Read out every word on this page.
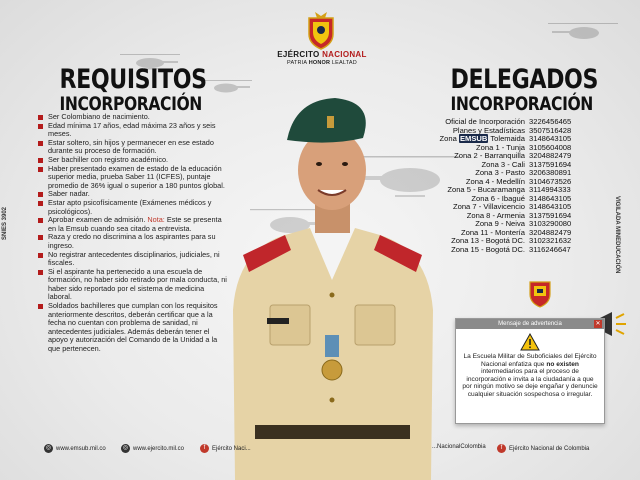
EJÉRCITO NACIONAL
PATRIA HONOR LEALTAD
REQUISITOS
INCORPORACIÓN
Ser Colombiano de nacimiento.
Edad mínima 17 años, edad máxima 23 años y seis meses.
Estar soltero, sin hijos y permanecer en ese estado durante su proceso de formación.
Ser bachiller con registro académico.
Haber presentado examen de estado de la educación superior media, prueba Saber 11 (ICFES), puntaje promedio de 36% igual o superior a 180 puntos global.
Saber nadar.
Estar apto psicofísicamente (Exámenes médicos y psicológicos).
Aprobar examen de admisión. Nota: Este se presenta en la Emsub cuando sea citado a entrevista.
Raza y credo no discrimina a los aspirantes para su ingreso.
No registrar antecedentes disciplinarios, judiciales, ni fiscales.
Si el aspirante ha pertenecido a una escuela de formación, no haber sido retirado por mala conducta, ni haber sido reportado por el sistema de medicina laboral.
Soldados bachilleres que cumplan con los requisitos anteriormente descritos, deberán certificar que a la fecha no cuentan con problema de sanidad, ni antecedentes judiciales. Además deberán tener el apoyo y autorización del Comando de la Unidad a la que pertenecen.
SNIES 3902	VIGILADA MINEDUCACIÓN
DELEGADOS
INCORPORACIÓN
Oficial de Incorporación 3226456465
Planes y Estadísticas 3507516428
Zona EMSUB Tolemaida 3148643105
Zona 1 - Tunja 3105604008
Zona 2 - Barranquilla 3204882479
Zona 3 - Cali 3137591694
Zona 3 - Pasto 3206380891
Zona 4 - Medellín 3104673526
Zona 5 - Bucaramanga 3114994333
Zona 6 - Ibagué 3148643105
Zona 7 - Villavicencio 3148643105
Zona 8 - Armenia 3137591694
Zona 9 - Neiva 3103290080
Zona 11 - Montería 3204882479
Zona 13 - Bogotá DC. 3102321632
Zona 15 - Bogotá DC. 3116246647
Mensaje de advertencia	✕
La Escuela Militar de Suboficiales del Ejército Nacional enfatiza que no existen intermediarios para el proceso de incorporación e invita a la ciudadanía a que por ningún motivo se deje engañar y denuncie cualquier situación sospechosa o irregular.
◎ www.emsub.mil.co	◎ www.ejercito.mil.co	f	Ejército Naci...	...NacionalColombia	f	Ejército Nacional de Colombia
